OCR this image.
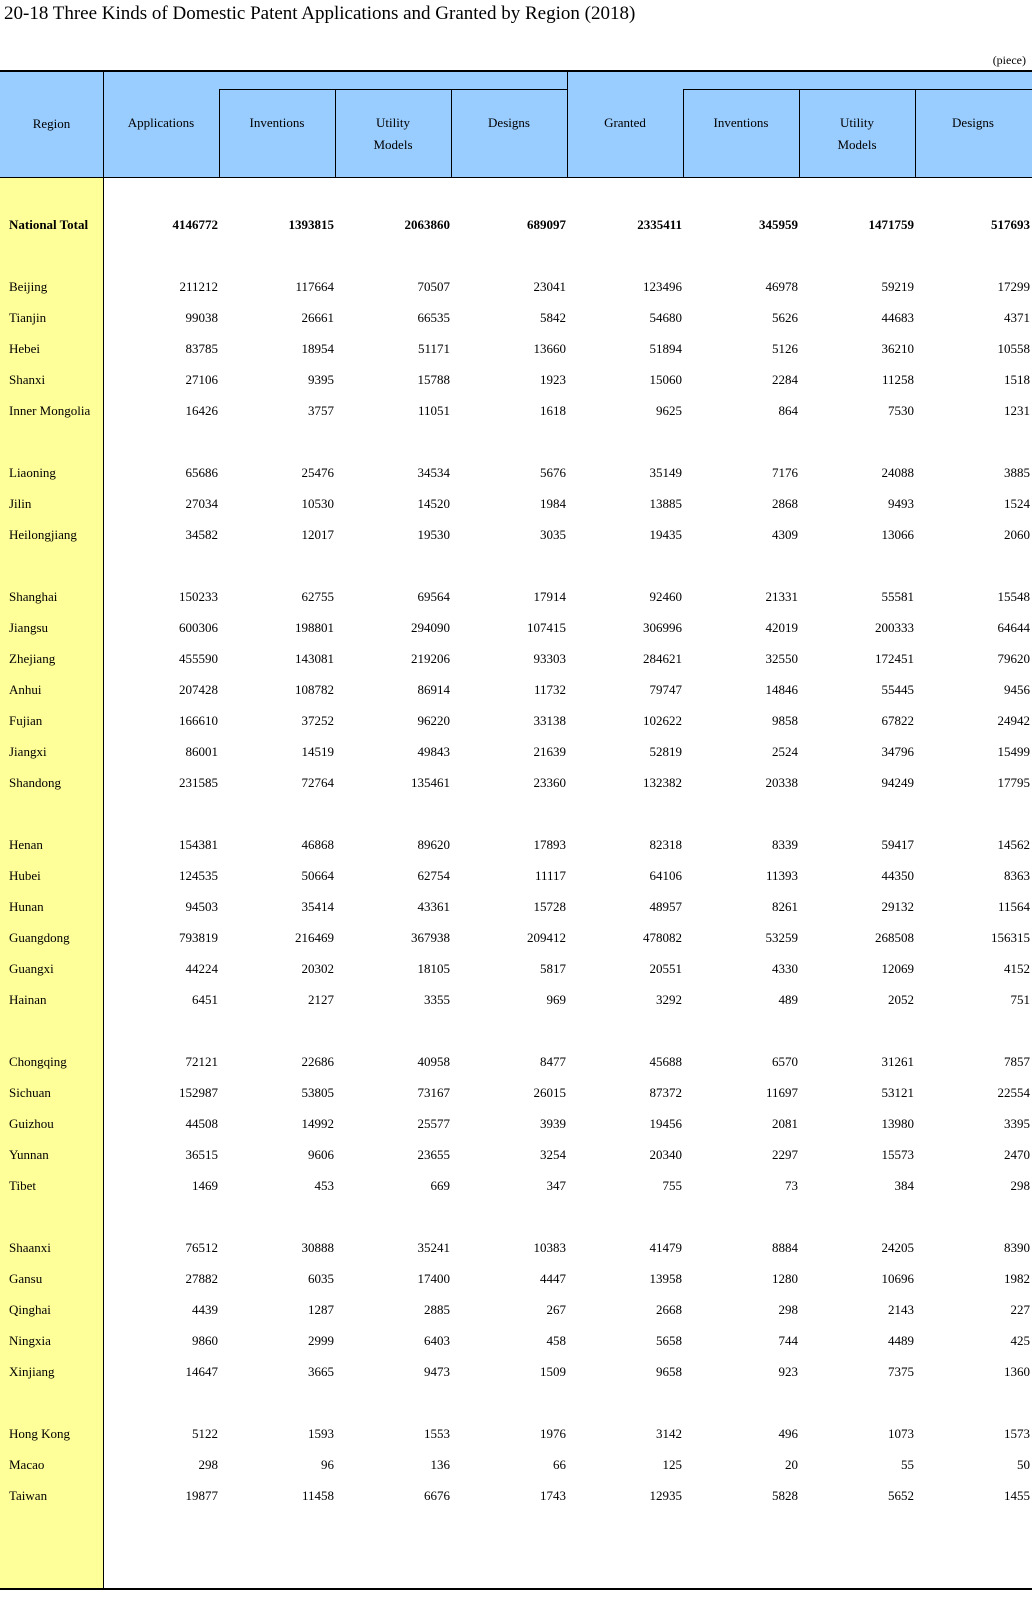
20-18 Three Kinds of Domestic Patent Applications and Granted by Region (2018)
(piece)
Region	Applications	Inventions	Utility
Models
Designs	Granted	Inventions	Utility
Models
Designs
National Total	4146772	1393815	2063860	689097	2335411	345959	1471759	517693
Beijing	211212	117664	70507	23041	123496	46978	59219	17299
Tianjin	99038	26661	66535	5842	54680	5626	44683	4371
Hebei	83785	18954	51171	13660	51894	5126	36210	10558
Shanxi	27106	9395	15788	1923	15060	2284	11258	1518
Inner Mongolia	16426	3757	11051	1618	9625	864	7530	1231
Liaoning	65686	25476	34534	5676	35149	7176	24088	3885
Jilin	27034	10530	14520	1984	13885	2868	9493	1524
Heilongjiang	34582	12017	19530	3035	19435	4309	13066	2060
Shanghai	150233	62755	69564	17914	92460	21331	55581	15548
Jiangsu	600306	198801	294090	107415	306996	42019	200333	64644
Zhejiang	455590	143081	219206	93303	284621	32550	172451	79620
Anhui	207428	108782	86914	11732	79747	14846	55445	9456
Fujian	166610	37252	96220	33138	102622	9858	67822	24942
Jiangxi	86001	14519	49843	21639	52819	2524	34796	15499
Shandong	231585	72764	135461	23360	132382	20338	94249	17795
Henan	154381	46868	89620	17893	82318	8339	59417	14562
Hubei	124535	50664	62754	11117	64106	11393	44350	8363
Hunan	94503	35414	43361	15728	48957	8261	29132	11564
Guangdong	793819	216469	367938	209412	478082	53259	268508	156315
Guangxi	44224	20302	18105	5817	20551	4330	12069	4152
Hainan	6451	2127	3355	969	3292	489	2052	751
Chongqing	72121	22686	40958	8477	45688	6570	31261	7857
Sichuan	152987	53805	73167	26015	87372	11697	53121	22554
Guizhou	44508	14992	25577	3939	19456	2081	13980	3395
Yunnan	36515	9606	23655	3254	20340	2297	15573	2470
Tibet	1469	453	669	347	755	73	384	298
Shaanxi	76512	30888	35241	10383	41479	8884	24205	8390
Gansu	27882	6035	17400	4447	13958	1280	10696	1982
Qinghai	4439	1287	2885	267	2668	298	2143	227
Ningxia	9860	2999	6403	458	5658	744	4489	425
Xinjiang	14647	3665	9473	1509	9658	923	7375	1360
Hong Kong	5122	1593	1553	1976	3142	496	1073	1573
Macao	298	96	136	66	125	20	55	50
Taiwan	19877	11458	6676	1743	12935	5828	5652	1455
